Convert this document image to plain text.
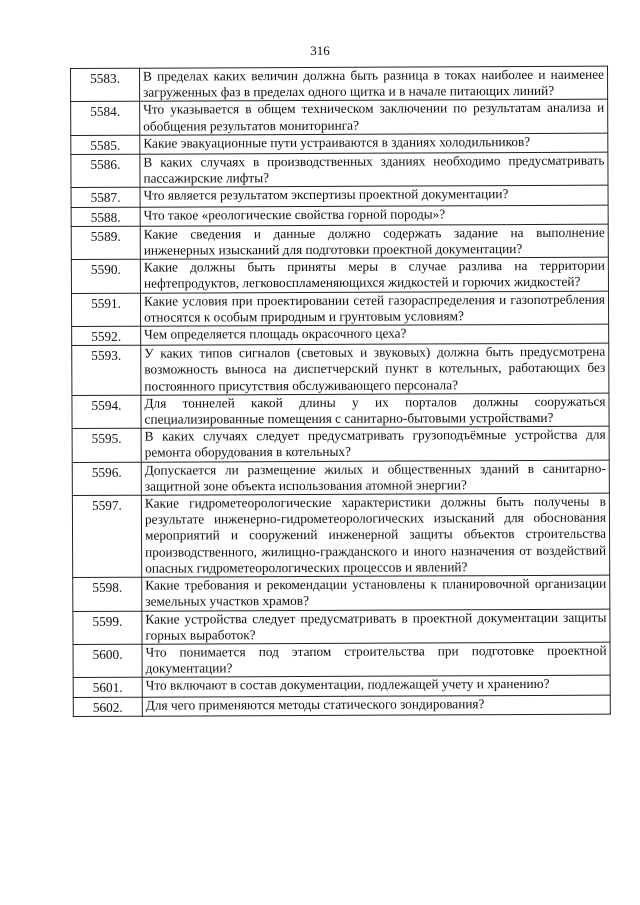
316
5583.	В пределах каких величин должна быть разница в токах наиболее и наименее загруженных фаз в пределах одного щитка и в начале питающих линий?
5584.	Что указывается в общем техническом заключении по результатам анализа и обобщения результатов мониторинга?
5585.	Какие эвакуационные пути устраиваются в зданиях холодильников?
5586.	В каких случаях в производственных зданиях необходимо предусматривать пассажирские лифты?
5587.	Что является результатом экспертизы проектной документации?
5588.	Что такое «реологические свойства горной породы»?
5589.	Какие сведения и данные должно содержать задание на выполнение инженерных изысканий для подготовки проектной документации?
5590.	Какие должны быть приняты меры в случае разлива на территории нефтепродуктов, легковоспламеняющихся жидкостей и горючих жидкостей?
5591.	Какие условия при проектировании сетей газораспределения и газопотребления относятся к особым природным и грунтовым условиям?
5592.	Чем определяется площадь окрасочного цеха?
5593.	У каких типов сигналов (световых и звуковых) должна быть предусмотрена возможность выноса на диспетчерский пункт в котельных, работающих без постоянного присутствия обслуживающего персонала?
5594.	Для тоннелей какой длины у их порталов должны сооружаться специализированные помещения с санитарно-бытовыми устройствами?
5595.	В каких случаях следует предусматривать грузоподъёмные устройства для ремонта оборудования в котельных?
5596.	Допускается ли размещение жилых и общественных зданий в санитарно-защитной зоне объекта использования атомной энергии?
5597.	Какие гидрометеорологические характеристики должны быть получены в результате инженерно-гидрометеорологических изысканий для обоснования мероприятий и сооружений инженерной защиты объектов строительства производственного, жилищно-гражданского и иного назначения от воздействий опасных гидрометеорологических процессов и явлений?
5598.	Какие требования и рекомендации установлены к планировочной организации земельных участков храмов?
5599.	Какие устройства следует предусматривать в проектной документации защиты горных выработок?
5600.	Что понимается под этапом строительства при подготовке проектной документации?
5601.	Что включают в состав документации, подлежащей учету и хранению?
5602.	Для чего применяются методы статического зондирования?
